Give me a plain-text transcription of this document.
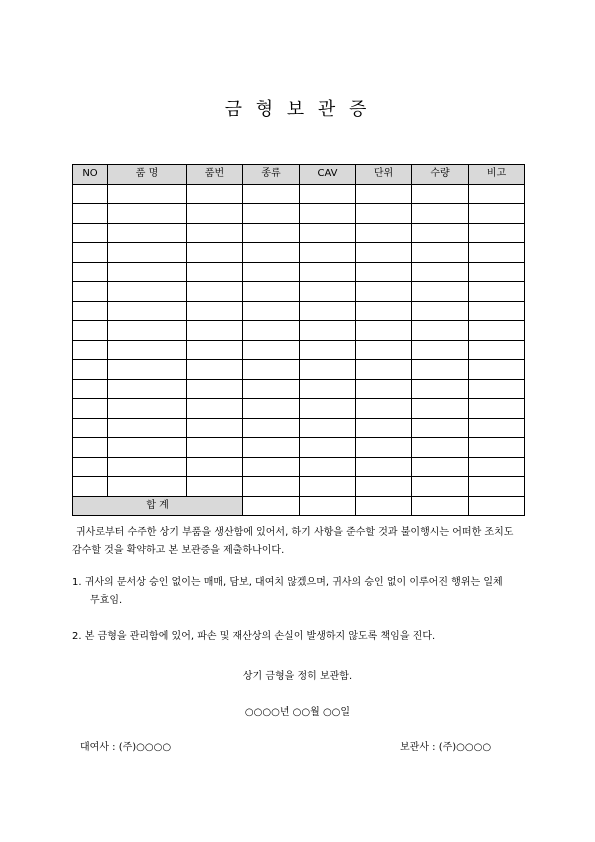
금 형 보 관 증
NO	품 명	품번	종류	CAV	단위	수량	비고

합 계							
귀사로부터 수주한 상기 부품을 생산함에 있어서, 하기 사항을 준수할 것과 불이행시는 어떠한 조치도 감수할 것을 확약하고 본 보관증을 제출하나이다.
1. 귀사의 문서상 승인 없이는 매매, 담보, 대여치 않겠으며, 귀사의 승인 없이 이루어진 행위는 일체 무효임.
2. 본 금형을 관리함에 있어, 파손 및 재산상의 손실이 발생하지 않도록 책임을 진다.
상기 금형을 정히 보관함.
○○○○년 ○○월 ○○일
대여사 : (주)○○○○	보관사 : (주)○○○○
